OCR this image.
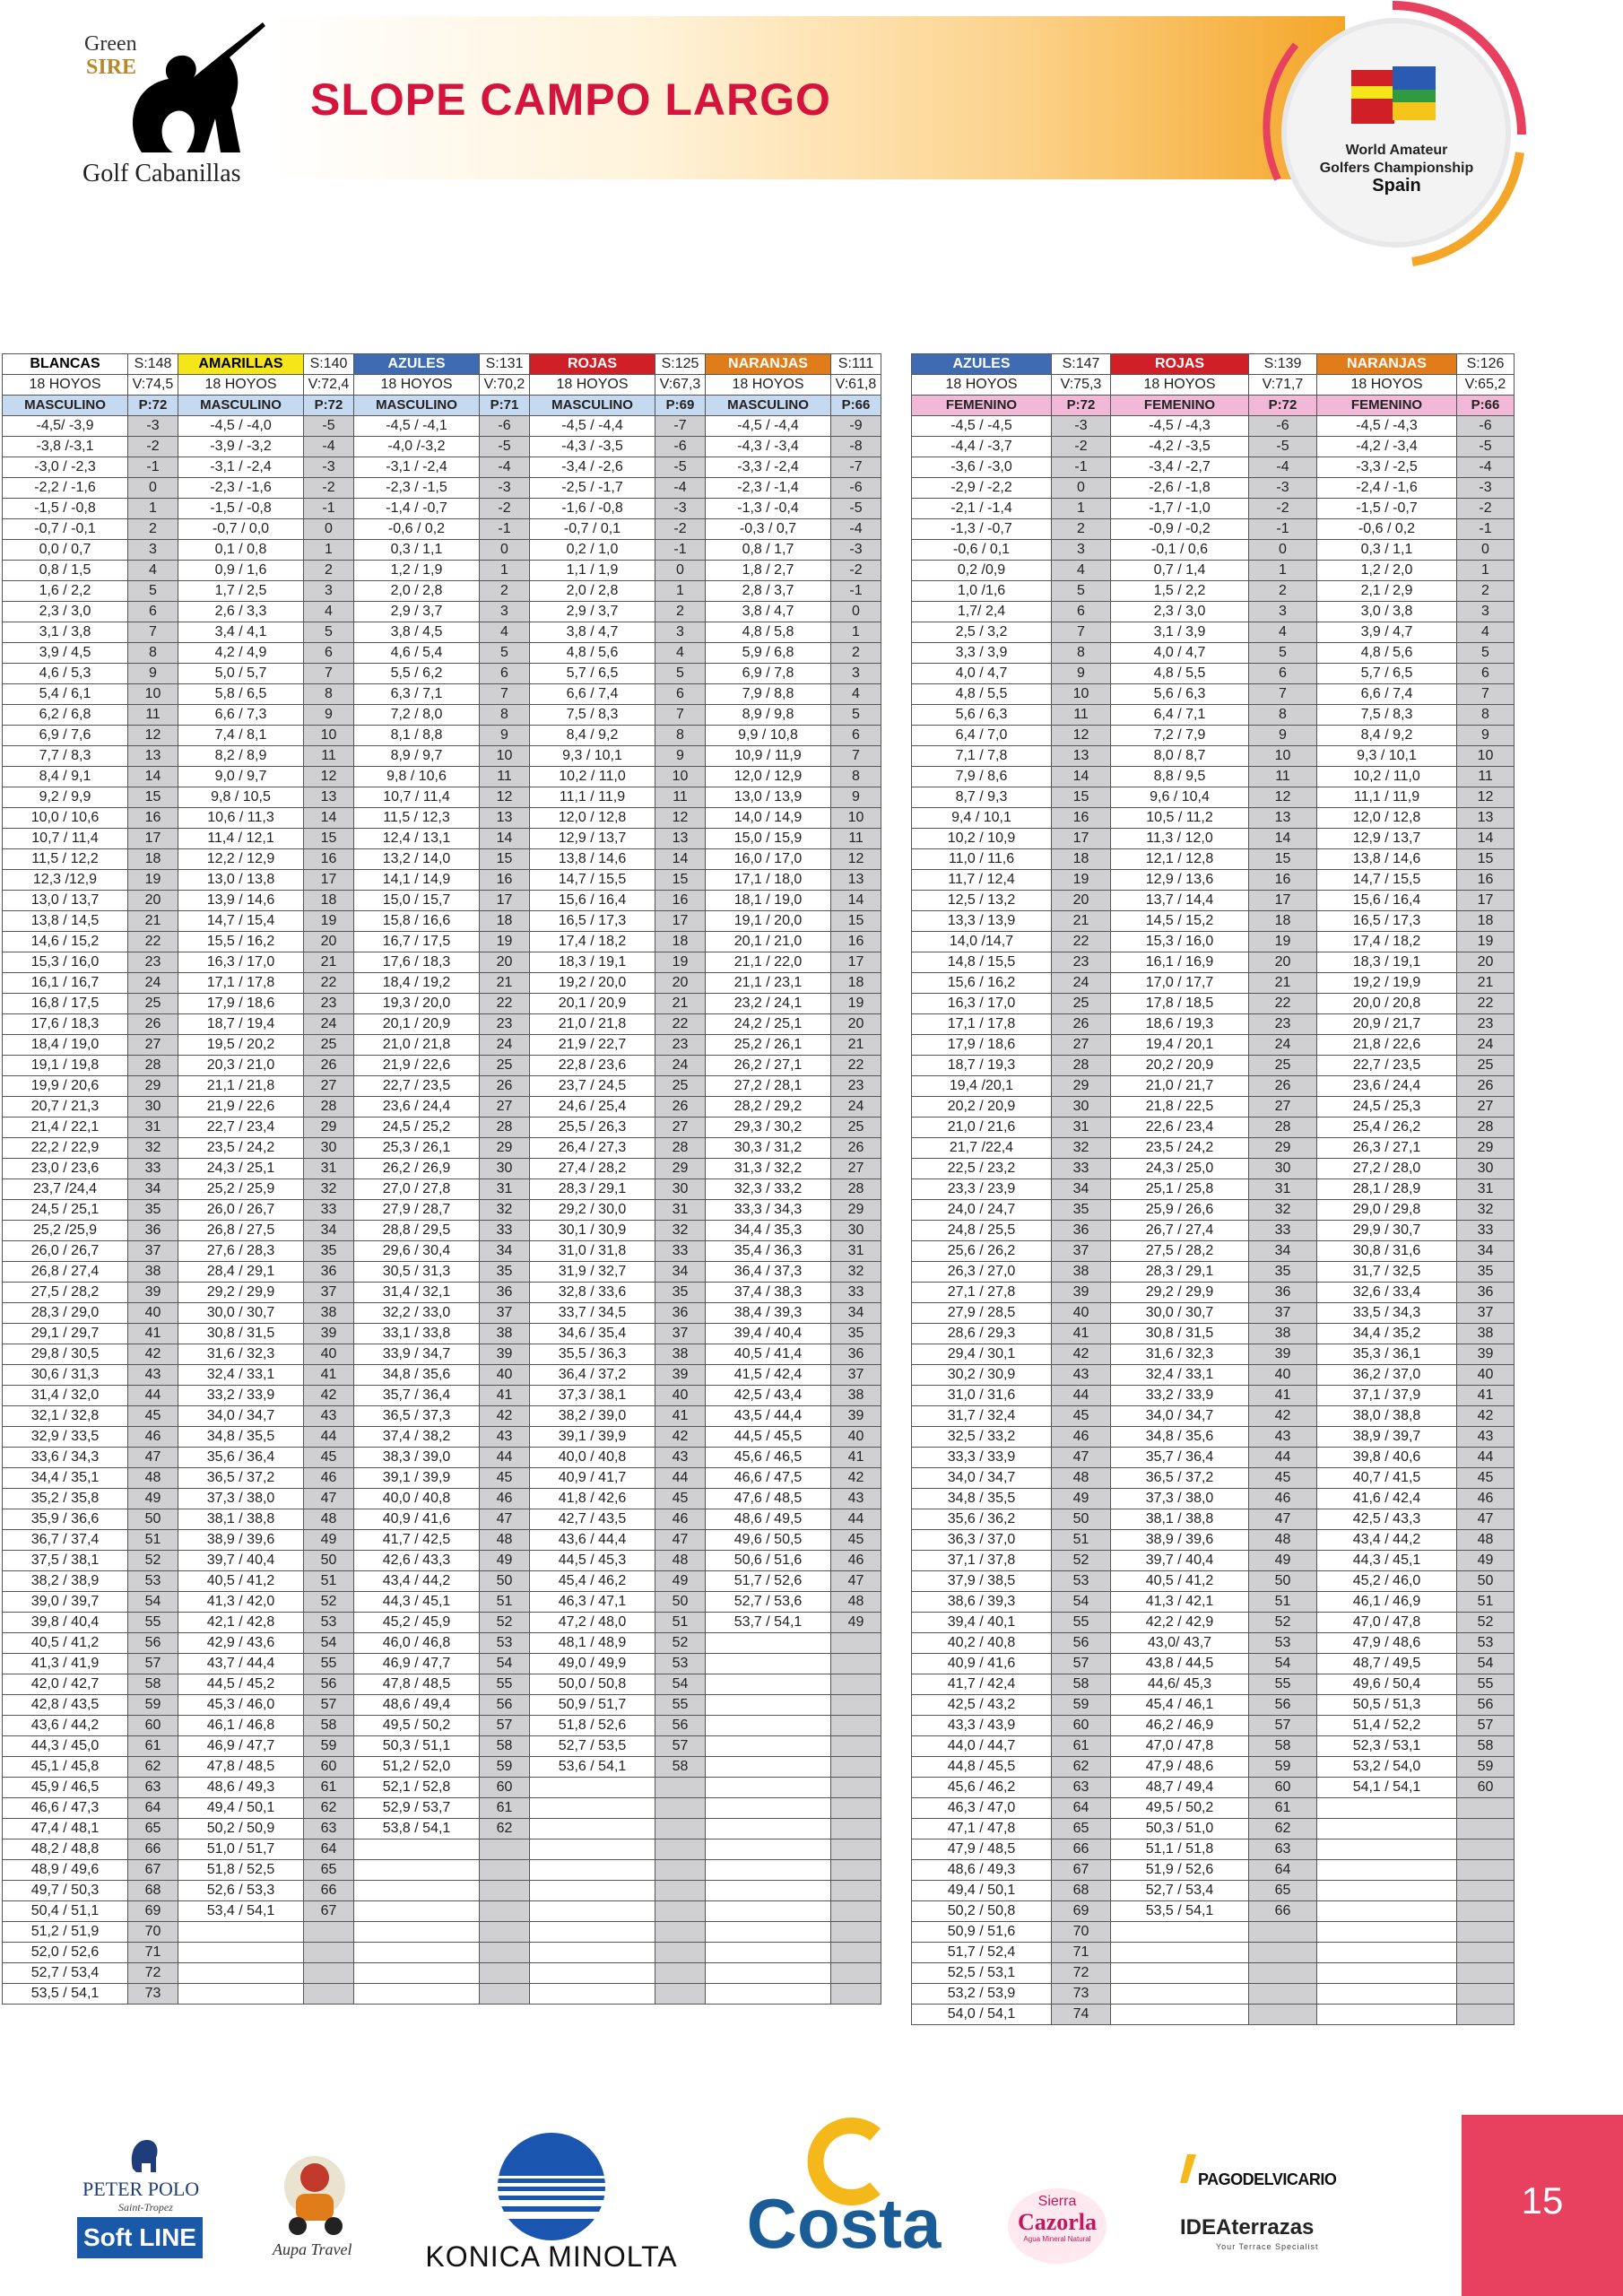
Green
SIRE
Golf Cabanillas
SLOPE CAMPO LARGO
World Amateur
Golfers Championship
Spain
BLANCAS	S:148	AMARILLAS	S:140	AZULES	S:131	ROJAS	S:125	NARANJAS	S:111
18 HOYOS	V:74,5	18 HOYOS	V:72,4	18 HOYOS	V:70,2	18 HOYOS	V:67,3	18 HOYOS	V:61,8
MASCULINO	P:72	MASCULINO	P:72	MASCULINO	P:71	MASCULINO	P:69	MASCULINO	P:66
-4,5/ -3,9	-3	-4,5 / -4,0	-5	-4,5 / -4,1	-6	-4,5 / -4,4	-7	-4,5 / -4,4	-9
-3,8 /-3,1	-2	-3,9 / -3,2	-4	-4,0 /-3,2	-5	-4,3 / -3,5	-6	-4,3 / -3,4	-8
-3,0 / -2,3	-1	-3,1 / -2,4	-3	-3,1 / -2,4	-4	-3,4 / -2,6	-5	-3,3 / -2,4	-7
-2,2 / -1,6	0	-2,3 / -1,6	-2	-2,3 / -1,5	-3	-2,5 / -1,7	-4	-2,3 / -1,4	-6
-1,5 / -0,8	1	-1,5 / -0,8	-1	-1,4 / -0,7	-2	-1,6 / -0,8	-3	-1,3 / -0,4	-5
-0,7 / -0,1	2	-0,7 / 0,0	0	-0,6 / 0,2	-1	-0,7 / 0,1	-2	-0,3 / 0,7	-4
0,0 / 0,7	3	0,1 / 0,8	1	0,3 / 1,1	0	0,2 / 1,0	-1	0,8 / 1,7	-3
0,8 / 1,5	4	0,9 / 1,6	2	1,2 / 1,9	1	1,1 / 1,9	0	1,8 / 2,7	-2
1,6 / 2,2	5	1,7 / 2,5	3	2,0 / 2,8	2	2,0 / 2,8	1	2,8 / 3,7	-1
2,3 / 3,0	6	2,6 / 3,3	4	2,9 / 3,7	3	2,9 / 3,7	2	3,8 / 4,7	0
3,1 / 3,8	7	3,4 / 4,1	5	3,8 / 4,5	4	3,8 / 4,7	3	4,8 / 5,8	1
3,9 / 4,5	8	4,2 / 4,9	6	4,6 / 5,4	5	4,8 / 5,6	4	5,9 / 6,8	2
4,6 / 5,3	9	5,0 / 5,7	7	5,5 / 6,2	6	5,7 / 6,5	5	6,9 / 7,8	3
5,4 / 6,1	10	5,8 / 6,5	8	6,3 / 7,1	7	6,6 / 7,4	6	7,9 / 8,8	4
6,2 / 6,8	11	6,6 / 7,3	9	7,2 / 8,0	8	7,5 / 8,3	7	8,9 / 9,8	5
6,9 / 7,6	12	7,4 / 8,1	10	8,1 / 8,8	9	8,4 / 9,2	8	9,9 / 10,8	6
7,7 / 8,3	13	8,2 / 8,9	11	8,9 / 9,7	10	9,3 / 10,1	9	10,9 / 11,9	7
8,4 / 9,1	14	9,0 / 9,7	12	9,8 / 10,6	11	10,2 / 11,0	10	12,0 / 12,9	8
9,2 / 9,9	15	9,8 / 10,5	13	10,7 / 11,4	12	11,1 / 11,9	11	13,0 / 13,9	9
10,0 / 10,6	16	10,6 / 11,3	14	11,5 / 12,3	13	12,0 / 12,8	12	14,0 / 14,9	10
10,7 / 11,4	17	11,4 / 12,1	15	12,4 / 13,1	14	12,9 / 13,7	13	15,0 / 15,9	11
11,5 / 12,2	18	12,2 / 12,9	16	13,2 / 14,0	15	13,8 / 14,6	14	16,0 / 17,0	12
12,3 /12,9	19	13,0 / 13,8	17	14,1 / 14,9	16	14,7 / 15,5	15	17,1 / 18,0	13
13,0 / 13,7	20	13,9 / 14,6	18	15,0 / 15,7	17	15,6 / 16,4	16	18,1 / 19,0	14
13,8 / 14,5	21	14,7 / 15,4	19	15,8 / 16,6	18	16,5 / 17,3	17	19,1 / 20,0	15
14,6 / 15,2	22	15,5 / 16,2	20	16,7 / 17,5	19	17,4 / 18,2	18	20,1 / 21,0	16
15,3 / 16,0	23	16,3 / 17,0	21	17,6 / 18,3	20	18,3 / 19,1	19	21,1 / 22,0	17
16,1 / 16,7	24	17,1 / 17,8	22	18,4 / 19,2	21	19,2 / 20,0	20	21,1 / 23,1	18
16,8 / 17,5	25	17,9 / 18,6	23	19,3 / 20,0	22	20,1 / 20,9	21	23,2 / 24,1	19
17,6 / 18,3	26	18,7 / 19,4	24	20,1 / 20,9	23	21,0 / 21,8	22	24,2 / 25,1	20
18,4 / 19,0	27	19,5 / 20,2	25	21,0 / 21,8	24	21,9 / 22,7	23	25,2 / 26,1	21
19,1 / 19,8	28	20,3 / 21,0	26	21,9 / 22,6	25	22,8 / 23,6	24	26,2 / 27,1	22
19,9 / 20,6	29	21,1 / 21,8	27	22,7 / 23,5	26	23,7 / 24,5	25	27,2 / 28,1	23
20,7 / 21,3	30	21,9 / 22,6	28	23,6 / 24,4	27	24,6 / 25,4	26	28,2 / 29,2	24
21,4 / 22,1	31	22,7 / 23,4	29	24,5 / 25,2	28	25,5 / 26,3	27	29,3 / 30,2	25
22,2 / 22,9	32	23,5 / 24,2	30	25,3 / 26,1	29	26,4 / 27,3	28	30,3 / 31,2	26
23,0 / 23,6	33	24,3 / 25,1	31	26,2 / 26,9	30	27,4 / 28,2	29	31,3 / 32,2	27
23,7 /24,4	34	25,2 / 25,9	32	27,0 / 27,8	31	28,3 / 29,1	30	32,3 / 33,2	28
24,5 / 25,1	35	26,0 / 26,7	33	27,9 / 28,7	32	29,2 / 30,0	31	33,3 / 34,3	29
25,2 /25,9	36	26,8 / 27,5	34	28,8 / 29,5	33	30,1 / 30,9	32	34,4 / 35,3	30
26,0 / 26,7	37	27,6 / 28,3	35	29,6 / 30,4	34	31,0 / 31,8	33	35,4 / 36,3	31
26,8 / 27,4	38	28,4 / 29,1	36	30,5 / 31,3	35	31,9 / 32,7	34	36,4 / 37,3	32
27,5 / 28,2	39	29,2 / 29,9	37	31,4 / 32,1	36	32,8 / 33,6	35	37,4 / 38,3	33
28,3 / 29,0	40	30,0 / 30,7	38	32,2 / 33,0	37	33,7 / 34,5	36	38,4 / 39,3	34
29,1 / 29,7	41	30,8 / 31,5	39	33,1 / 33,8	38	34,6 / 35,4	37	39,4 / 40,4	35
29,8 / 30,5	42	31,6 / 32,3	40	33,9 / 34,7	39	35,5 / 36,3	38	40,5 / 41,4	36
30,6 / 31,3	43	32,4 / 33,1	41	34,8 / 35,6	40	36,4 / 37,2	39	41,5 / 42,4	37
31,4 / 32,0	44	33,2 / 33,9	42	35,7 / 36,4	41	37,3 / 38,1	40	42,5 / 43,4	38
32,1 / 32,8	45	34,0 / 34,7	43	36,5 / 37,3	42	38,2 / 39,0	41	43,5 / 44,4	39
32,9 / 33,5	46	34,8 / 35,5	44	37,4 / 38,2	43	39,1 / 39,9	42	44,5 / 45,5	40
33,6 / 34,3	47	35,6 / 36,4	45	38,3 / 39,0	44	40,0 / 40,8	43	45,6 / 46,5	41
34,4 / 35,1	48	36,5 / 37,2	46	39,1 / 39,9	45	40,9 / 41,7	44	46,6 / 47,5	42
35,2 / 35,8	49	37,3 / 38,0	47	40,0 / 40,8	46	41,8 / 42,6	45	47,6 / 48,5	43
35,9 / 36,6	50	38,1 / 38,8	48	40,9 / 41,6	47	42,7 / 43,5	46	48,6 / 49,5	44
36,7 / 37,4	51	38,9 / 39,6	49	41,7 / 42,5	48	43,6 / 44,4	47	49,6 / 50,5	45
37,5 / 38,1	52	39,7 / 40,4	50	42,6 / 43,3	49	44,5 / 45,3	48	50,6 / 51,6	46
38,2 / 38,9	53	40,5 / 41,2	51	43,4 / 44,2	50	45,4 / 46,2	49	51,7 / 52,6	47
39,0 / 39,7	54	41,3 / 42,0	52	44,3 / 45,1	51	46,3 / 47,1	50	52,7 / 53,6	48
39,8 / 40,4	55	42,1 / 42,8	53	45,2 / 45,9	52	47,2 / 48,0	51	53,7 / 54,1	49
40,5 / 41,2	56	42,9 / 43,6	54	46,0 / 46,8	53	48,1 / 48,9	52		
41,3 / 41,9	57	43,7 / 44,4	55	46,9 / 47,7	54	49,0 / 49,9	53		
42,0 / 42,7	58	44,5 / 45,2	56	47,8 / 48,5	55	50,0 / 50,8	54		
42,8 / 43,5	59	45,3 / 46,0	57	48,6 / 49,4	56	50,9 / 51,7	55		
43,6 / 44,2	60	46,1 / 46,8	58	49,5 / 50,2	57	51,8 / 52,6	56		
44,3 / 45,0	61	46,9 / 47,7	59	50,3 / 51,1	58	52,7 / 53,5	57		
45,1 / 45,8	62	47,8 / 48,5	60	51,2 / 52,0	59	53,6 / 54,1	58		
45,9 / 46,5	63	48,6 / 49,3	61	52,1 / 52,8	60				
46,6 / 47,3	64	49,4 / 50,1	62	52,9 / 53,7	61				
47,4 / 48,1	65	50,2 / 50,9	63	53,8 / 54,1	62				
48,2 / 48,8	66	51,0 / 51,7	64						
48,9 / 49,6	67	51,8 / 52,5	65						
49,7 / 50,3	68	52,6 / 53,3	66						
50,4 / 51,1	69	53,4 / 54,1	67						
51,2 / 51,9	70								
52,0 / 52,6	71								
52,7 / 53,4	72								
53,5 / 54,1	73								
AZULES	S:147	ROJAS	S:139	NARANJAS	S:126
18 HOYOS	V:75,3	18 HOYOS	V:71,7	18 HOYOS	V:65,2
FEMENINO	P:72	FEMENINO	P:72	FEMENINO	P:66
-4,5 / -4,5	-3	-4,5 / -4,3	-6	-4,5 / -4,3	-6
-4,4 / -3,7	-2	-4,2 / -3,5	-5	-4,2 / -3,4	-5
-3,6 / -3,0	-1	-3,4 / -2,7	-4	-3,3 / -2,5	-4
-2,9 / -2,2	0	-2,6 / -1,8	-3	-2,4 / -1,6	-3
-2,1 / -1,4	1	-1,7 / -1,0	-2	-1,5 / -0,7	-2
-1,3 / -0,7	2	-0,9 / -0,2	-1	-0,6 / 0,2	-1
-0,6 / 0,1	3	-0,1 / 0,6	0	0,3 / 1,1	0
0,2 /0,9	4	0,7 / 1,4	1	1,2 / 2,0	1
1,0 /1,6	5	1,5 / 2,2	2	2,1 / 2,9	2
1,7/ 2,4	6	2,3 / 3,0	3	3,0 / 3,8	3
2,5 / 3,2	7	3,1 / 3,9	4	3,9 / 4,7	4
3,3 / 3,9	8	4,0 / 4,7	5	4,8 / 5,6	5
4,0 / 4,7	9	4,8 / 5,5	6	5,7 / 6,5	6
4,8 / 5,5	10	5,6 / 6,3	7	6,6 / 7,4	7
5,6 / 6,3	11	6,4 / 7,1	8	7,5 / 8,3	8
6,4 / 7,0	12	7,2 / 7,9	9	8,4 / 9,2	9
7,1 / 7,8	13	8,0 / 8,7	10	9,3 / 10,1	10
7,9 / 8,6	14	8,8 / 9,5	11	10,2 / 11,0	11
8,7 / 9,3	15	9,6 / 10,4	12	11,1 / 11,9	12
9,4 / 10,1	16	10,5 / 11,2	13	12,0 / 12,8	13
10,2 / 10,9	17	11,3 / 12,0	14	12,9 / 13,7	14
11,0 / 11,6	18	12,1 / 12,8	15	13,8 / 14,6	15
11,7 / 12,4	19	12,9 / 13,6	16	14,7 / 15,5	16
12,5 / 13,2	20	13,7 / 14,4	17	15,6 / 16,4	17
13,3 / 13,9	21	14,5 / 15,2	18	16,5 / 17,3	18
14,0 /14,7	22	15,3 / 16,0	19	17,4 / 18,2	19
14,8 / 15,5	23	16,1 / 16,9	20	18,3 / 19,1	20
15,6 / 16,2	24	17,0 / 17,7	21	19,2 / 19,9	21
16,3 / 17,0	25	17,8 / 18,5	22	20,0 / 20,8	22
17,1 / 17,8	26	18,6 / 19,3	23	20,9 / 21,7	23
17,9 / 18,6	27	19,4 / 20,1	24	21,8 / 22,6	24
18,7 / 19,3	28	20,2 / 20,9	25	22,7 / 23,5	25
19,4 /20,1	29	21,0 / 21,7	26	23,6 / 24,4	26
20,2 / 20,9	30	21,8 / 22,5	27	24,5 / 25,3	27
21,0 / 21,6	31	22,6 / 23,4	28	25,4 / 26,2	28
21,7 /22,4	32	23,5 / 24,2	29	26,3 / 27,1	29
22,5 / 23,2	33	24,3 / 25,0	30	27,2 / 28,0	30
23,3 / 23,9	34	25,1 / 25,8	31	28,1 / 28,9	31
24,0 / 24,7	35	25,9 / 26,6	32	29,0 / 29,8	32
24,8 / 25,5	36	26,7 / 27,4	33	29,9 / 30,7	33
25,6 / 26,2	37	27,5 / 28,2	34	30,8 / 31,6	34
26,3 / 27,0	38	28,3 / 29,1	35	31,7 / 32,5	35
27,1 / 27,8	39	29,2 / 29,9	36	32,6 / 33,4	36
27,9 / 28,5	40	30,0 / 30,7	37	33,5 / 34,3	37
28,6 / 29,3	41	30,8 / 31,5	38	34,4 / 35,2	38
29,4 / 30,1	42	31,6 / 32,3	39	35,3 / 36,1	39
30,2 / 30,9	43	32,4 / 33,1	40	36,2 / 37,0	40
31,0 / 31,6	44	33,2 / 33,9	41	37,1 / 37,9	41
31,7 / 32,4	45	34,0 / 34,7	42	38,0 / 38,8	42
32,5 / 33,2	46	34,8 / 35,6	43	38,9 / 39,7	43
33,3 / 33,9	47	35,7 / 36,4	44	39,8 / 40,6	44
34,0 / 34,7	48	36,5 / 37,2	45	40,7 / 41,5	45
34,8 / 35,5	49	37,3 / 38,0	46	41,6 / 42,4	46
35,6 / 36,2	50	38,1 / 38,8	47	42,5 / 43,3	47
36,3 / 37,0	51	38,9 / 39,6	48	43,4 / 44,2	48
37,1 / 37,8	52	39,7 / 40,4	49	44,3 / 45,1	49
37,9 / 38,5	53	40,5 / 41,2	50	45,2 / 46,0	50
38,6 / 39,3	54	41,3 / 42,1	51	46,1 / 46,9	51
39,4 / 40,1	55	42,2 / 42,9	52	47,0 / 47,8	52
40,2 / 40,8	56	43,0/ 43,7	53	47,9 / 48,6	53
40,9 / 41,6	57	43,8 / 44,5	54	48,7 / 49,5	54
41,7 / 42,4	58	44,6/ 45,3	55	49,6 / 50,4	55
42,5 / 43,2	59	45,4 / 46,1	56	50,5 / 51,3	56
43,3 / 43,9	60	46,2 / 46,9	57	51,4 / 52,2	57
44,0 / 44,7	61	47,0 / 47,8	58	52,3 / 53,1	58
44,8 / 45,5	62	47,9 / 48,6	59	53,2 / 54,0	59
45,6 / 46,2	63	48,7 / 49,4	60	54,1 / 54,1	60
46,3 / 47,0	64	49,5 / 50,2	61		
47,1 / 47,8	65	50,3 / 51,0	62		
47,9 / 48,5	66	51,1 / 51,8	63		
48,6 / 49,3	67	51,9 / 52,6	64		
49,4 / 50,1	68	52,7 / 53,4	65		
50,2 / 50,8	69	53,5 / 54,1	66		
50,9 / 51,6	70				
51,7 / 52,4	71				
52,5 / 53,1	72				
53,2 / 53,9	73				
54,0 / 54,1	74				
PETER POLO
Saint-Tropez
Soft LINE	Aupa Travel	KONICA MINOLTA Costa	Sierra
Cazorla
Agua Mineral Natural
PAGODELVICARIO
IDEAterrazas
Your Terrace Specialist
15
